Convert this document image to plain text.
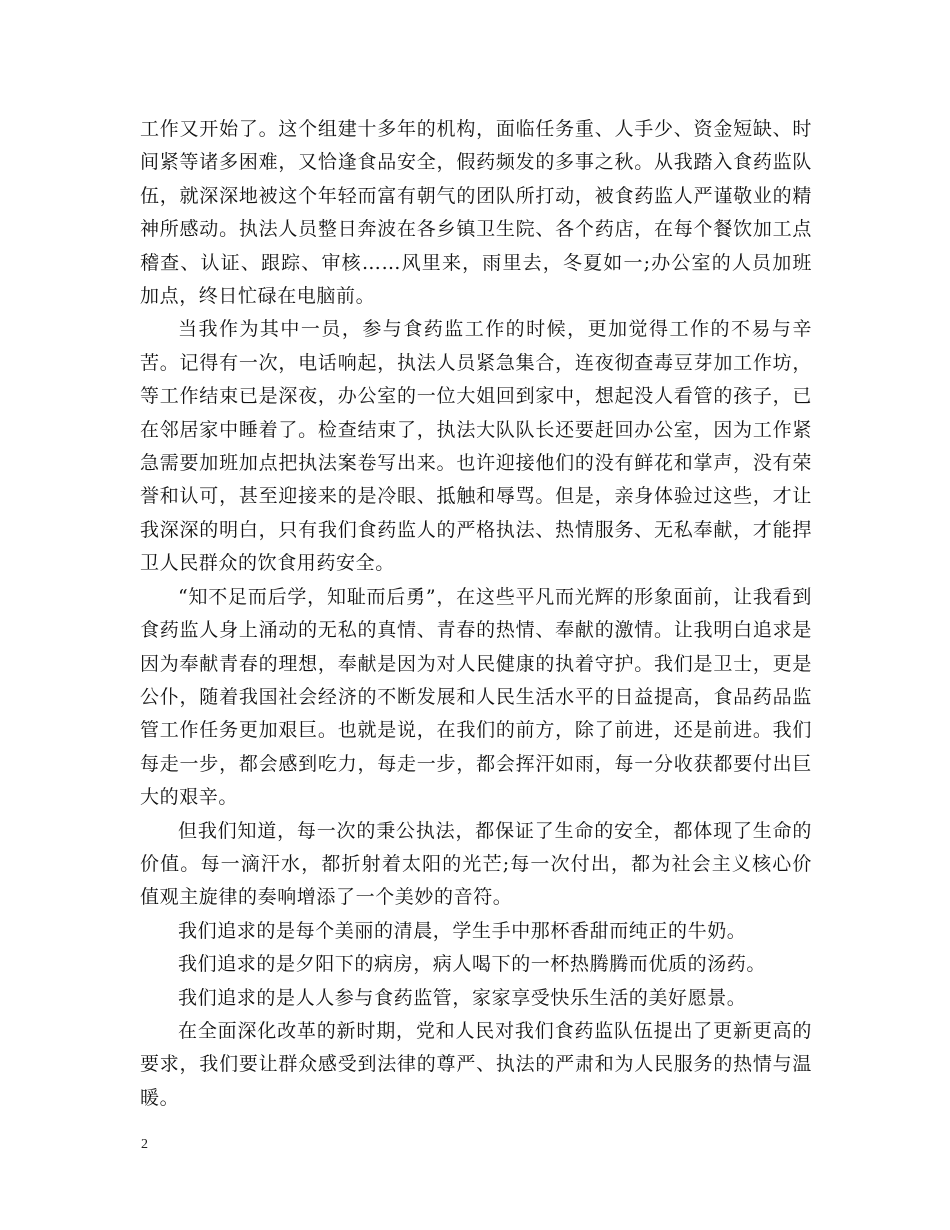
工作又开始了。这个组建十多年的机构，面临任务重、人手少、资金短缺、时间紧等诸多困难，又恰逢食品安全，假药频发的多事之秋。从我踏入食药监队伍，就深深地被这个年轻而富有朝气的团队所打动，被食药监人严谨敬业的精神所感动。执法人员整日奔波在各乡镇卫生院、各个药店，在每个餐饮加工点稽查、认证、跟踪、审核……风里来，雨里去，冬夏如一;办公室的人员加班加点，终日忙碌在电脑前。

当我作为其中一员，参与食药监工作的时候，更加觉得工作的不易与辛苦。记得有一次，电话响起，执法人员紧急集合，连夜彻查毒豆芽加工作坊，等工作结束已是深夜，办公室的一位大姐回到家中，想起没人看管的孩子，已在邻居家中睡着了。检查结束了，执法大队队长还要赶回办公室，因为工作紧急需要加班加点把执法案卷写出来。也许迎接他们的没有鲜花和掌声，没有荣誉和认可，甚至迎接来的是冷眼、抵触和辱骂。但是，亲身体验过这些，才让我深深的明白，只有我们食药监人的严格执法、热情服务、无私奉献，才能捍卫人民群众的饮食用药安全。

“知不足而后学，知耻而后勇”，在这些平凡而光辉的形象面前，让我看到食药监人身上涌动的无私的真情、青春的热情、奉献的激情。让我明白追求是因为奉献青春的理想，奉献是因为对人民健康的执着守护。我们是卫士，更是公仆，随着我国社会经济的不断发展和人民生活水平的日益提高，食品药品监管工作任务更加艰巨。也就是说，在我们的前方，除了前进，还是前进。我们每走一步，都会感到吃力，每走一步，都会挥汗如雨，每一分收获都要付出巨大的艰辛。

但我们知道，每一次的秉公执法，都保证了生命的安全，都体现了生命的价值。每一滴汗水，都折射着太阳的光芒;每一次付出，都为社会主义核心价值观主旋律的奏响增添了一个美妙的音符。

我们追求的是每个美丽的清晨，学生手中那杯香甜而纯正的牛奶。

我们追求的是夕阳下的病房，病人喝下的一杯热腾腾而优质的汤药。

我们追求的是人人参与食药监管，家家享受快乐生活的美好愿景。

在全面深化改革的新时期，党和人民对我们食药监队伍提出了更新更高的要求，我们要让群众感受到法律的尊严、执法的严肃和为人民服务的热情与温暖。

2
